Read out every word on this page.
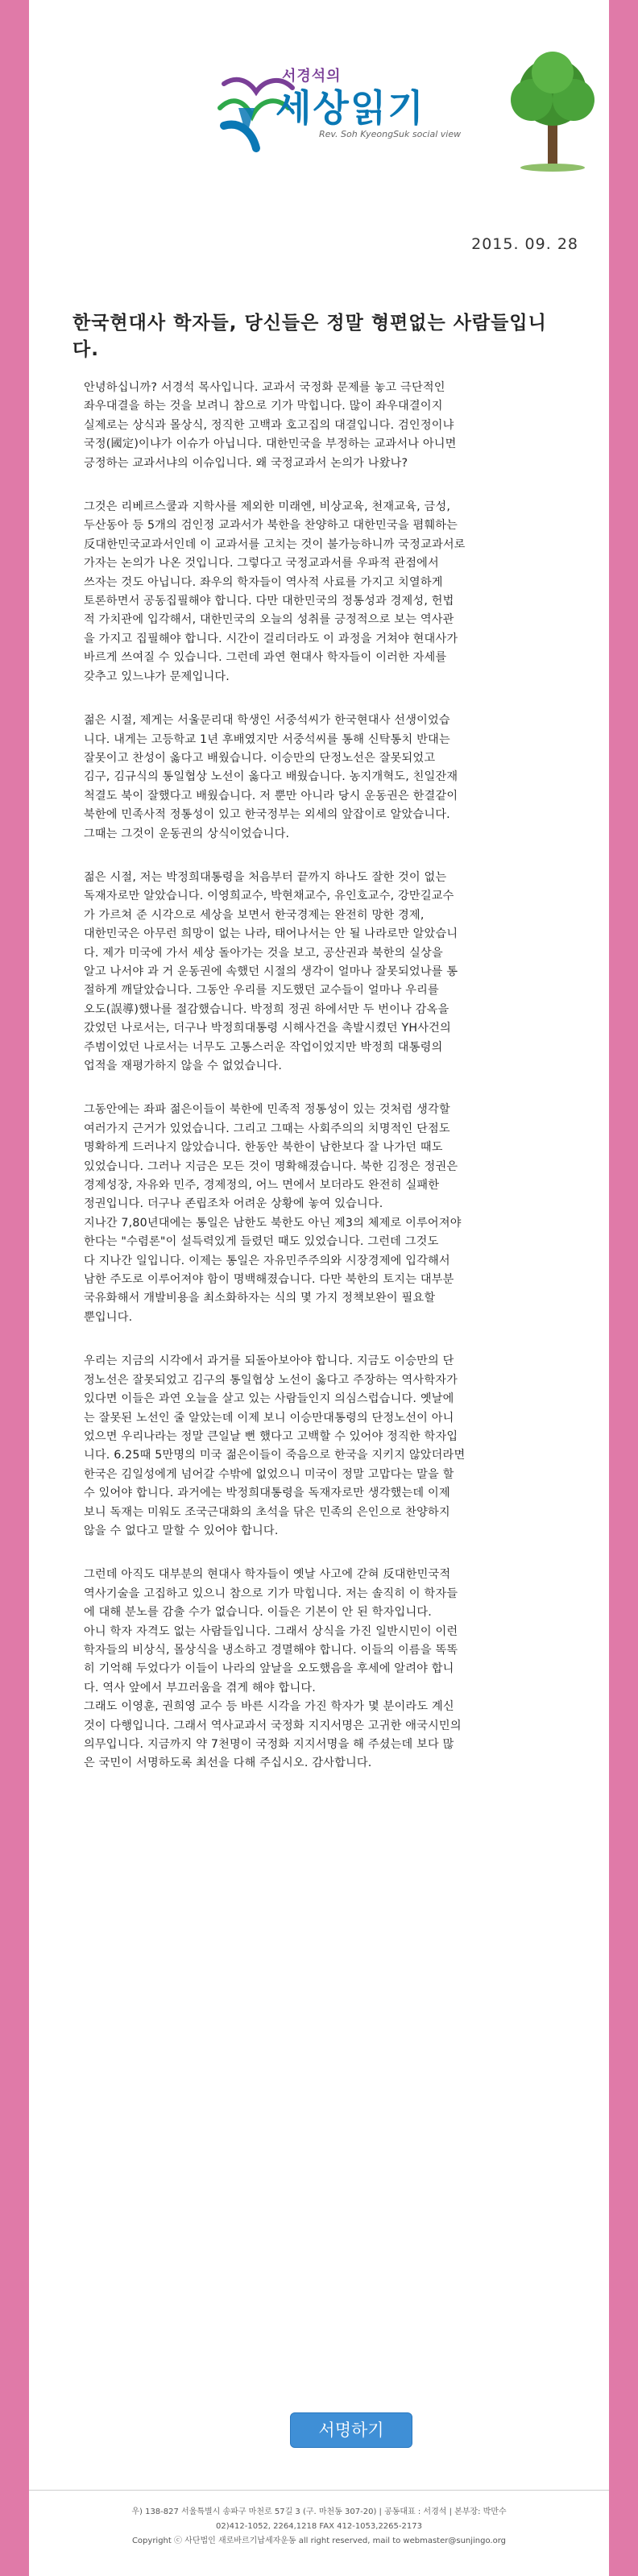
서경석의
세상읽기
Rev. Soh KyeongSuk social view
2015. 09. 28
한국현대사 학자들, 당신들은 정말 형편없는 사람들입니다.

안녕하십니까? 서경석 목사입니다. 교과서 국정화 문제를 놓고 극단적인
좌우대결을 하는 것을 보려니 참으로 기가 막힙니다. 많이 좌우대결이지
실제로는 상식과 몰상식, 정직한 고백과 호고집의 대결입니다. 검인정이냐
국정(國定)이냐가 이슈가 아닙니다. 대한민국을 부정하는 교과서나 아니면
긍정하는 교과서냐의 이슈입니다. 왜 국정교과서 논의가 나왔나?

그것은 리베르스쿨과 지학사를 제외한 미래엔, 비상교육, 천재교육, 금성,
두산동아 등 5개의 검인정 교과서가 북한을 찬양하고 대한민국을 폄훼하는
反대한민국교과서인데 이 교과서를 고치는 것이 불가능하니까 국정교과서로
가자는 논의가 나온 것입니다. 그렇다고 국정교과서를 우파적 관점에서
쓰자는 것도 아닙니다. 좌우의 학자들이 역사적 사료를 가지고 치열하게
토론하면서 공동집필해야 합니다. 다만 대한민국의 정통성과 경제성, 헌법
적 가치관에 입각해서, 대한민국의 오늘의 성취를 긍정적으로 보는 역사관
을 가지고 집필해야 합니다. 시간이 걸리더라도 이 과정을 거쳐야 현대사가
바르게 쓰여질 수 있습니다. 그런데 과연 현대사 학자들이 이러한 자세를
갖추고 있느냐가 문제입니다.

젊은 시절, 제게는 서울문리대 학생인 서중석씨가 한국현대사 선생이었습
니다. 내게는 고등학교 1년 후배였지만 서중석씨를 통해 신탁통치 반대는
잘못이고 찬성이 옳다고 배웠습니다. 이승만의 단정노선은 잘못되었고
김구, 김규식의 통일협상 노선이 옳다고 배웠습니다. 농지개혁도, 친일잔재
척결도 북이 잘했다고 배웠습니다. 저 뿐만 아니라 당시 운동권은 한결같이
북한에 민족사적 정통성이 있고 한국정부는 외세의 앞잡이로 알았습니다.
그때는 그것이 운동권의 상식이었습니다.

젊은 시절, 저는 박정희대통령을 처음부터 끝까지 하나도 잘한 것이 없는
독재자로만 알았습니다. 이영희교수, 박현채교수, 유인호교수, 강만길교수
가 가르쳐 준 시각으로 세상을 보면서 한국경제는 완전히 망한 경제,
대한민국은 아무런 희망이 없는 나라, 태어나서는 안 될 나라로만 알았습니
다. 제가 미국에 가서 세상 돌아가는 것을 보고, 공산권과 북한의 실상을
알고 나서야 과 거 운동권에 속했던 시절의 생각이 얼마나 잘못되었나를 통
절하게 깨달았습니다. 그동안 우리를 지도했던 교수들이 얼마나 우리를
오도(誤導)했나를 절감했습니다. 박정희 정권 하에서만 두 번이나 감옥을
갔었던 나로서는, 더구나 박정희대통령 시해사건을 촉발시켰던 YH사건의
주범이었던 나로서는 너무도 고통스러운 작업이었지만 박정희 대통령의
업적을 재평가하지 않을 수 없었습니다.

그동안에는 좌파 젊은이들이 북한에 민족적 정통성이 있는 것처럼 생각할
여러가지 근거가 있었습니다. 그리고 그때는 사회주의의 치명적인 단점도
명확하게 드러나지 않았습니다. 한동안 북한이 남한보다 잘 나가던 때도
있었습니다. 그러나 지금은 모든 것이 명확해졌습니다. 북한 김정은 정권은
경제성장, 자유와 민주, 경제정의, 어느 면에서 보더라도 완전히 실패한
정권입니다. 더구나 존립조차 어려운 상황에 놓여 있습니다.
지나간 7,80년대에는 통일은 남한도 북한도 아닌 제3의 체제로 이루어져야
한다는 "수렴론"이 설득력있게 들렸던 때도 있었습니다. 그런데 그것도
다 지나간 일입니다. 이제는 통일은 자유민주주의와 시장경제에 입각해서
남한 주도로 이루어져야 함이 명백해졌습니다. 다만 북한의 토지는 대부분
국유화해서 개발비용을 최소화하자는 식의 몇 가지 정책보완이 필요할
뿐입니다.

우리는 지금의 시각에서 과거를 되돌아보아야 합니다. 지금도 이승만의 단
정노선은 잘못되었고 김구의 통일협상 노선이 옳다고 주장하는 역사학자가
있다면 이들은 과연 오늘을 살고 있는 사람들인지 의심스럽습니다. 옛날에
는 잘못된 노선인 줄 알았는데 이제 보니 이승만대통령의 단정노선이 아니
었으면 우리나라는 정말 큰일날 뻔 했다고 고백할 수 있어야 정직한 학자입
니다. 6.25때 5만명의 미국 젊은이들이 죽음으로 한국을 지키지 않았더라면
한국은 김일성에게 넘어갈 수밖에 없었으니 미국이 정말 고맙다는 말을 할
수 있어야 합니다. 과거에는 박정희대통령을 독재자로만 생각했는데 이제
보니 독재는 미워도 조국근대화의 초석을 닦은 민족의 은인으로 찬양하지
않을 수 없다고 말할 수 있어야 합니다.

그런데 아직도 대부분의 현대사 학자들이 옛날 사고에 갇혀 反대한민국적
역사기술을 고집하고 있으니 참으로 기가 막힙니다. 저는 솔직히 이 학자들
에 대해 분노를 감출 수가 없습니다. 이들은 기본이 안 된 학자입니다.
아니 학자 자격도 없는 사람들입니다. 그래서 상식을 가진 일반시민이 이런
학자들의 비상식, 몰상식을 냉소하고 경멸해야 합니다. 이들의 이름을 똑똑
히 기억해 두었다가 이들이 나라의 앞날을 오도했음을 후세에 알려야 합니
다. 역사 앞에서 부끄러움을 겪게 해야 합니다.
그래도 이영훈, 권희영 교수 등 바른 시각을 가진 학자가 몇 분이라도 계신
것이 다행입니다. 그래서 역사교과서 국정화 지지서명은 고귀한 애국시민의
의무입니다. 지금까지 약 7천명이 국정화 지지서명을 해 주셨는데 보다 많
은 국민이 서명하도록 최선을 다해 주십시오. 감사합니다.

서명하기
우) 138-827 서울특별시 송파구 마천로 57길 3 (구. 마천동 307-20) | 공동대표 : 서경석 | 본부장: 박만수
02)412-1052, 2264,1218 FAX 412-1053,2265-2173
Copyright ⓒ 사단법인 새로바르기납세자운동 all right reserved, mail to webmaster@sunjingo.org
